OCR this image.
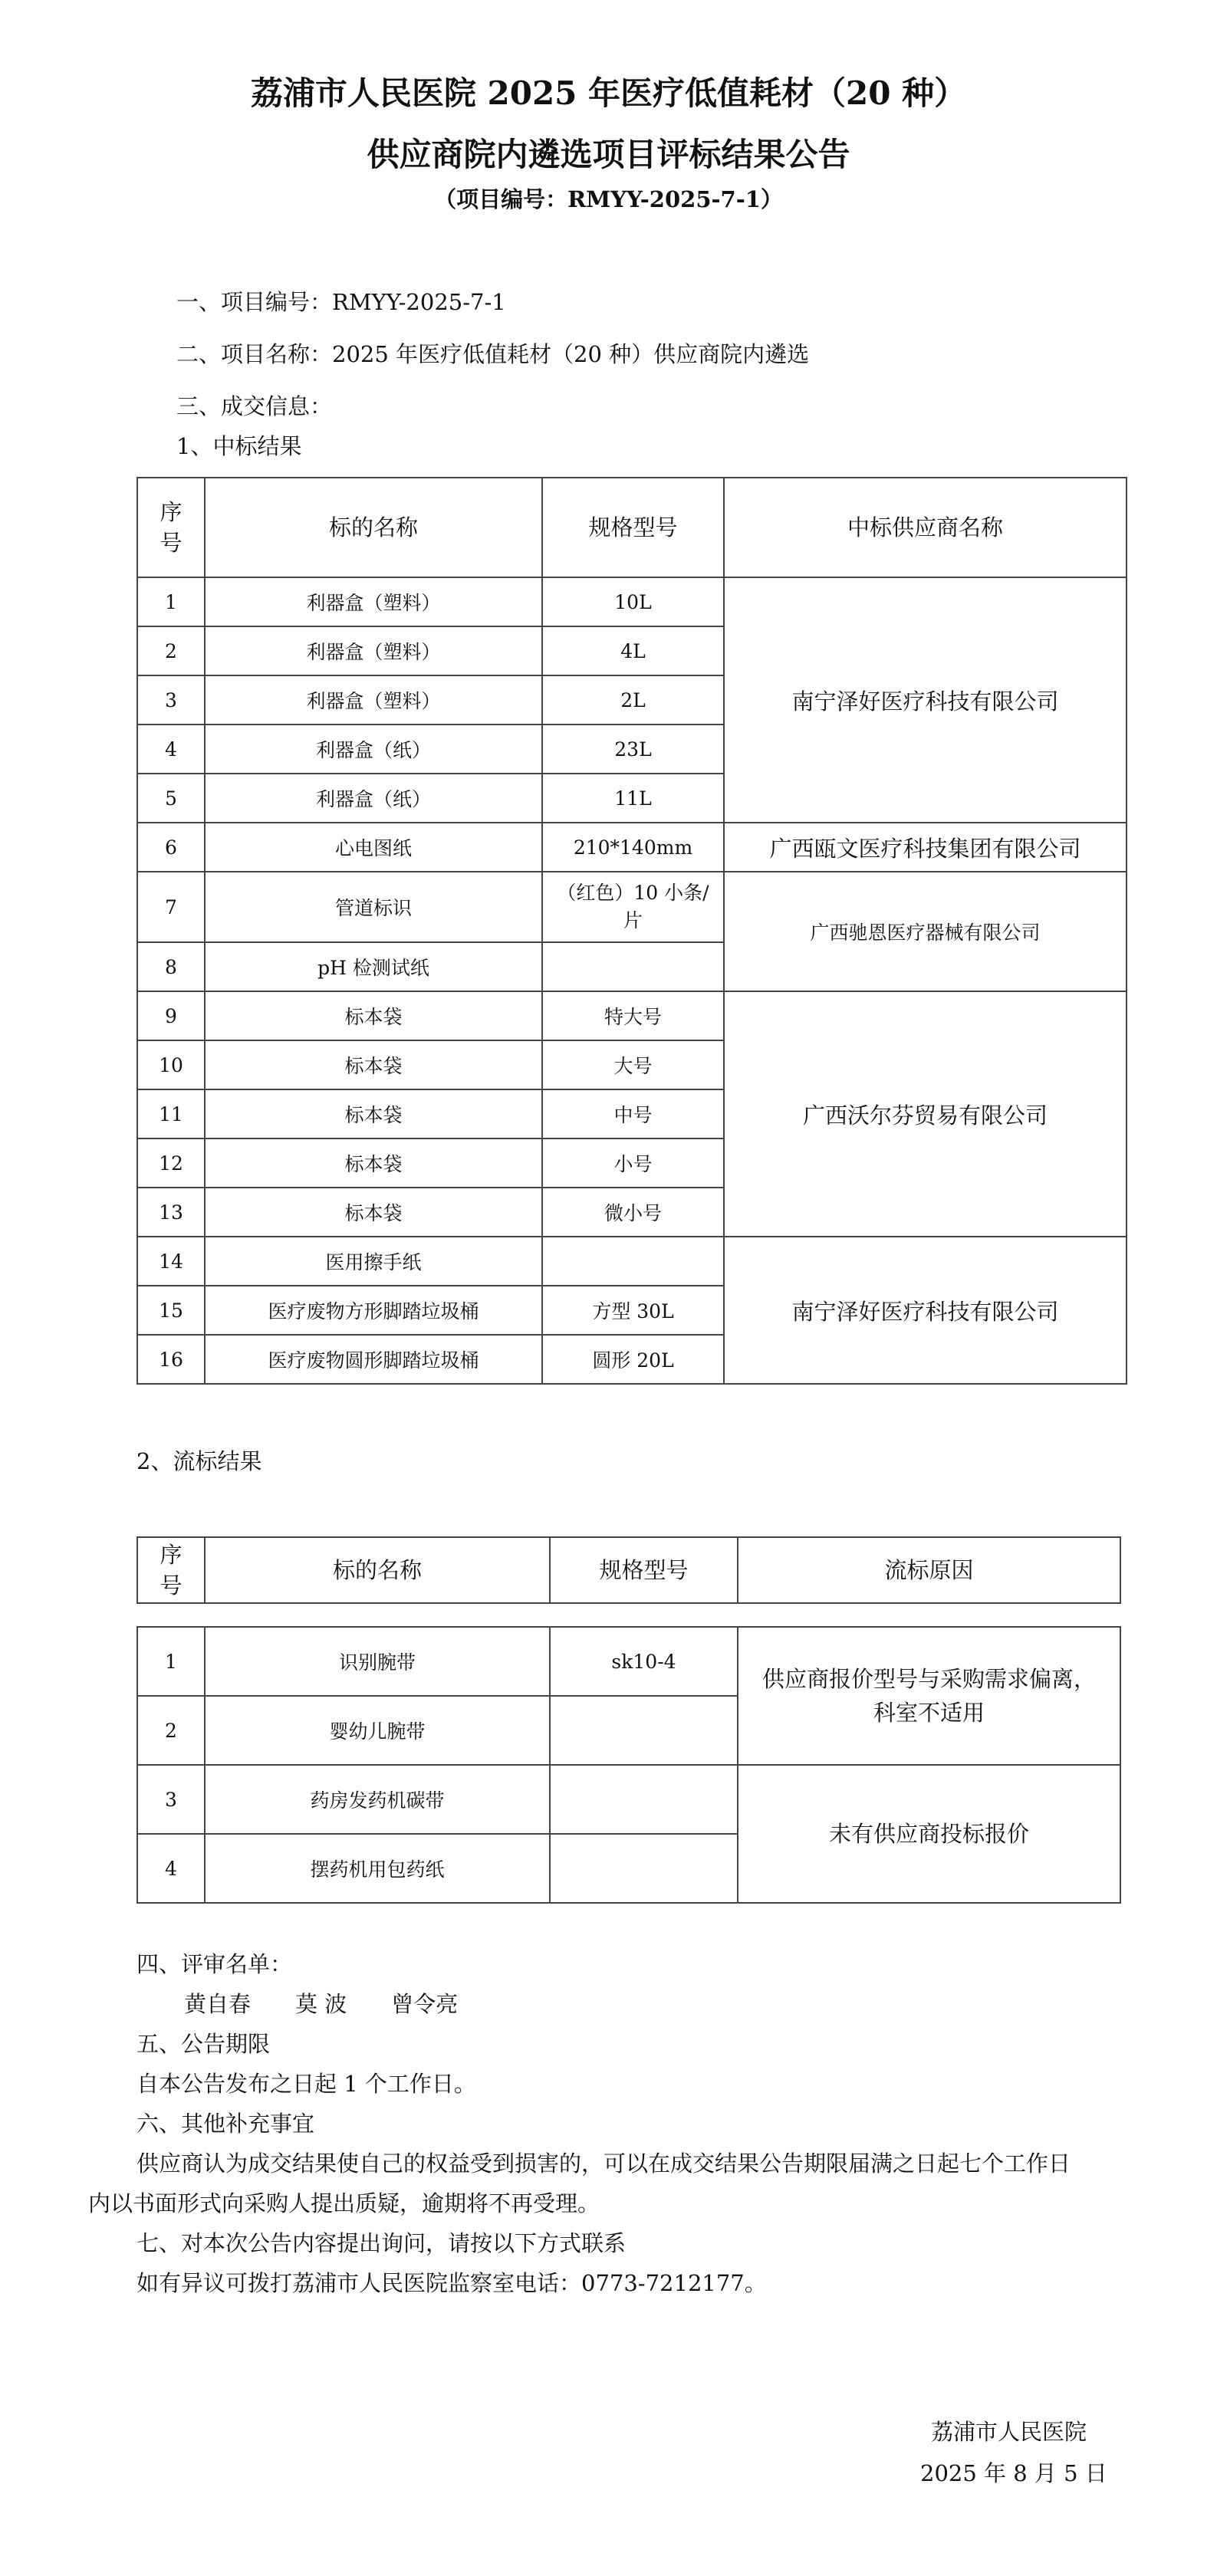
荔浦市人民医院 2025 年医疗低值耗材（20 种）
供应商院内遴选项目评标结果公告
（项目编号：RMYY-2025-7-1）
一、项目编号：RMYY-2025-7-1
二、项目名称：2025 年医疗低值耗材（20 种）供应商院内遴选
三、成交信息：
1、中标结果
序号	标的名称	规格型号	中标供应商名称
1	利器盒（塑料）	10L	南宁泽好医疗科技有限公司
2	利器盒（塑料）	4L	
3	利器盒（塑料）	2L	
4	利器盒（纸）	23L	
5	利器盒（纸）	11L	
6	心电图纸	210*140mm	广西瓯文医疗科技集团有限公司
7	管道标识	（红色）10 小条/片	广西驰恩医疗器械有限公司
8	pH 检测试纸		
9	标本袋	特大号	广西沃尔芬贸易有限公司
10	标本袋	大号	
11	标本袋	中号	
12	标本袋	小号	
13	标本袋	微小号	
14	医用擦手纸		南宁泽好医疗科技有限公司
15	医疗废物方形脚踏垃圾桶	方型 30L	
16	医疗废物圆形脚踏垃圾桶	圆形 20L	
2、流标结果
序号	标的名称	规格型号	流标原因
1	识别腕带	sk10-4	供应商报价型号与采购需求偏离，科室不适用
2	婴幼儿腕带		
3	药房发药机碳带		未有供应商投标报价
4	摆药机用包药纸		
四、评审名单：
黄自春　　莫 波　　曾令亮
五、公告期限
自本公告发布之日起 1 个工作日。
六、其他补充事宜
供应商认为成交结果使自己的权益受到损害的，可以在成交结果公告期限届满之日起七个工作日
内以书面形式向采购人提出质疑，逾期将不再受理。
七、对本次公告内容提出询问，请按以下方式联系
如有异议可拨打荔浦市人民医院监察室电话：0773-7212177。
荔浦市人民医院
2025 年 8 月 5 日
